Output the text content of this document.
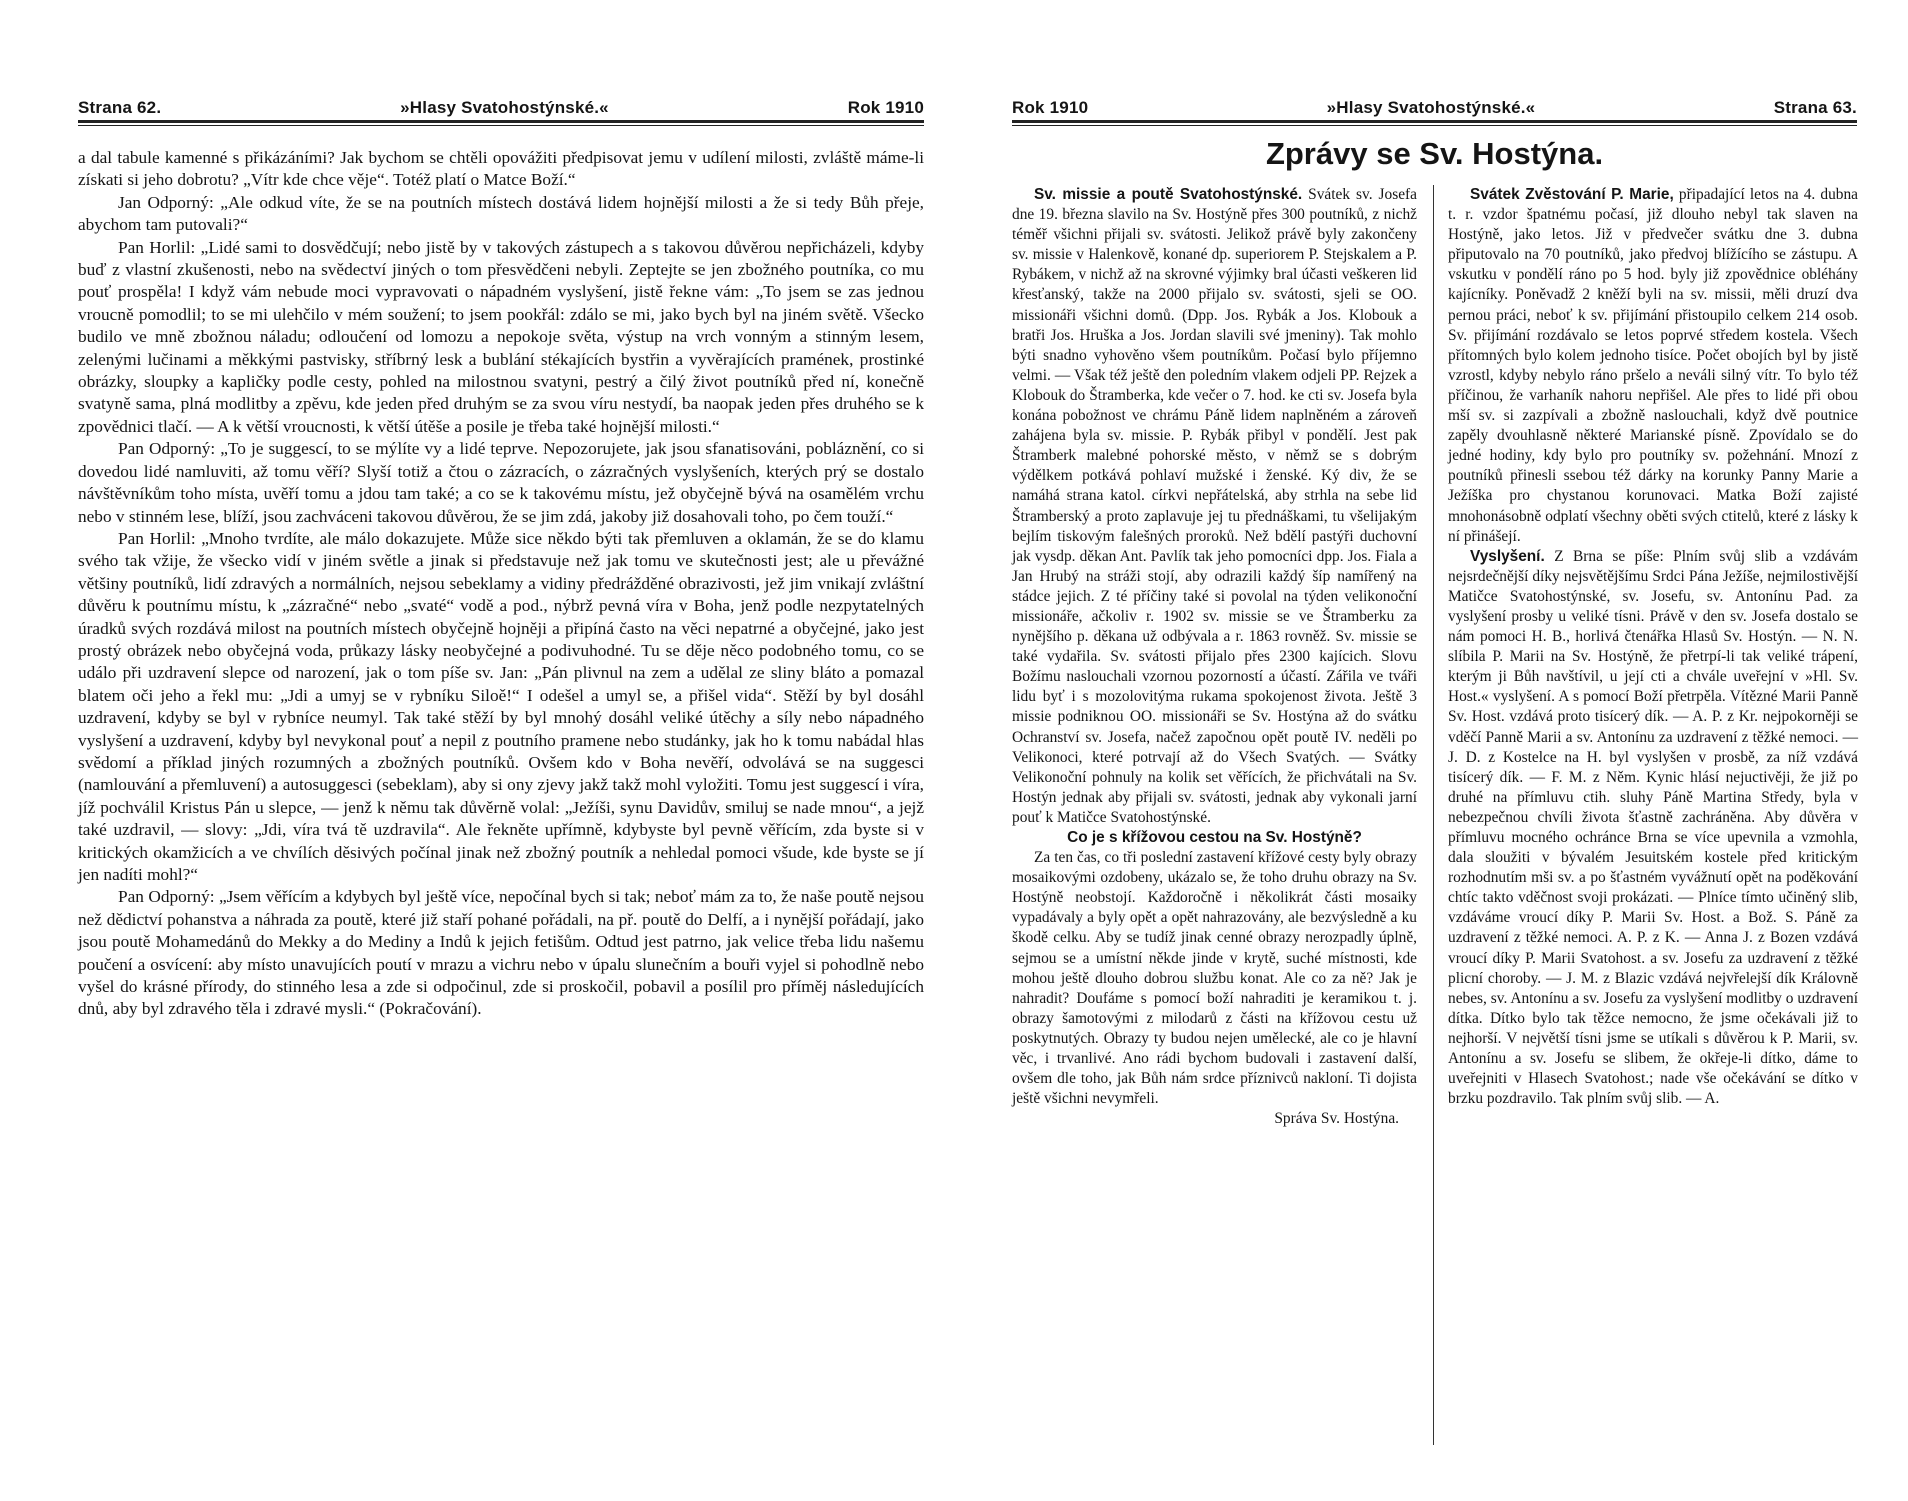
Strana 62.	»Hlasy Svatohostýnské.«	Rok 1910

a dal tabule kamenné s přikázáními? Jak bychom se chtěli opovážiti předpisovat jemu v udílení milosti, zvláště máme-li získati si jeho dobrotu? „Vítr kde chce věje“. Totéž platí o Matce Boží.“

Jan Odporný: „Ale odkud víte, že se na poutních místech dostává lidem hojnější milosti a že si tedy Bůh přeje, abychom tam putovali?“

Pan Horlil: „Lidé sami to dosvědčují; nebo jistě by v takových zástupech a s takovou důvěrou nepřicházeli, kdyby buď z vlastní zkušenosti, nebo na svědectví jiných o tom přesvědčeni nebyli. Zeptejte se jen zbožného poutníka, co mu pouť prospěla! I když vám nebude moci vypravovati o nápadném vyslyšení, jistě řekne vám: „To jsem se zas jednou vroucně pomodlil; to se mi ulehčilo v mém soužení; to jsem pookřál: zdálo se mi, jako bych byl na jiném světě. Všecko budilo ve mně zbožnou náladu; odloučení od lomozu a nepokoje světa, výstup na vrch vonným a stinným lesem, zelenými lučinami a měkkými pastvisky, stříbrný lesk a bublání stékajících bystřin a vyvěrajících pramének, prostinké obrázky, sloupky a kapličky podle cesty, pohled na milostnou svatyni, pestrý a čilý život poutníků před ní, konečně svatyně sama, plná modlitby a zpěvu, kde jeden před druhým se za svou víru nestydí, ba naopak jeden přes druhého se k zpovědnici tlačí. — A k větší vroucnosti, k větší útěše a posile je třeba také hojnější milosti.“

Pan Odporný: „To je suggescí, to se mýlíte vy a lidé teprve. Nepozorujete, jak jsou sfanatisováni, pobláznění, co si dovedou lidé namluviti, až tomu věří? Slyší totiž a čtou o zázracích, o zázračných vyslyšeních, kterých prý se dostalo návštěvníkům toho místa, uvěří tomu a jdou tam také; a co se k takovému místu, jež obyčejně bývá na osamělém vrchu nebo v stinném lese, blíží, jsou zachváceni takovou důvěrou, že se jim zdá, jakoby již dosahovali toho, po čem touží.“

Pan Horlil: „Mnoho tvrdíte, ale málo dokazujete. Může sice někdo býti tak přemluven a oklamán, že se do klamu svého tak vžije, že všecko vidí v jiném světle a jinak si představuje než jak tomu ve skutečnosti jest; ale u převážné většiny poutníků, lidí zdravých a normálních, nejsou sebeklamy a vidiny předrážděné obrazivosti, jež jim vnikají zvláštní důvěru k poutnímu místu, k „zázračné“ nebo „svaté“ vodě a pod., nýbrž pevná víra v Boha, jenž podle nezpytatelných úradků svých rozdává milost na poutních místech obyčejně hojněji a připíná často na věci nepatrné a obyčejné, jako jest prostý obrázek nebo obyčejná voda, průkazy lásky neobyčejné a podivuhodné. Tu se děje něco podobného tomu, co se událo při uzdravení slepce od narození, jak o tom píše sv. Jan: „Pán plivnul na zem a udělal ze sliny bláto a pomazal blatem oči jeho a řekl mu: „Jdi a umyj se v rybníku Siloě!“ I odešel a umyl se, a přišel vida“. Stěží by byl dosáhl uzdravení, kdyby se byl v rybníce neumyl. Tak také stěží by byl mnohý dosáhl veliké útěchy a síly nebo nápadného vyslyšení a uzdravení, kdyby byl nevykonal pouť a nepil z poutního pramene nebo studánky, jak ho k tomu nabádal hlas svědomí a příklad jiných rozumných a zbožných poutníků. Ovšem kdo v Boha nevěří, odvolává se na suggesci (namlouvání a přemluvení) a autosuggesci (sebeklam), aby si ony zjevy jakž takž mohl vyložiti. Tomu jest suggescí i víra, jíž pochválil Kristus Pán u slepce, — jenž k němu tak důvěrně volal: „Ježíši, synu Davidův, smiluj se nade mnou“, a jejž také uzdravil, — slovy: „Jdi, víra tvá tě uzdravila“. Ale řekněte upřímně, kdybyste byl pevně věřícím, zda byste si v kritických okamžicích a ve chvílích děsivých počínal jinak než zbožný poutník a nehledal pomoci všude, kde byste se jí jen nadíti mohl?“

Pan Odporný: „Jsem věřícím a kdybych byl ještě více, nepočínal bych si tak; neboť mám za to, že naše poutě nejsou než dědictví pohanstva a náhrada za poutě, které již staří pohané pořádali, na př. poutě do Delfí, a i nynější pořádají, jako jsou poutě Mohamedánů do Mekky a do Mediny a Indů k jejich fetišům. Odtud jest patrno, jak velice třeba lidu našemu poučení a osvícení: aby místo unavujících poutí v mrazu a vichru nebo v úpalu slunečním a bouři vyjel si pohodlně nebo vyšel do krásné přírody, do stinného lesa a zde si odpočinul, zde si proskočil, pobavil a posílil pro příměj následujících dnů, aby byl zdravého těla i zdravé mysli.“ (Pokračování).

Rok 1910	»Hlasy Svatohostýnské.«	Strana 63.
Zprávy se Sv. Hostýna.

Sv. missie a poutě Svatohostýnské. Svátek sv. Josefa dne 19. března slavilo na Sv. Hostýně přes 300 poutníků, z nichž téměř všichni přijali sv. svátosti. Jelikož právě byly zakončeny sv. missie v Halenkově, konané dp. superiorem P. Stejskalem a P. Rybákem, v nichž až na skrovné výjimky bral účasti veškeren lid křesťanský, takže na 2000 přijalo sv. svátosti, sjeli se OO. missionáři všichni domů. (Dpp. Jos. Rybák a Jos. Klobouk a bratři Jos. Hruška a Jos. Jordan slavili své jmeniny). Tak mohlo býti snadno vyhověno všem poutníkům. Počasí bylo příjemno velmi. — Však též ještě den poledním vlakem odjeli PP. Rejzek a Klobouk do Štramberka, kde večer o 7. hod. ke cti sv. Josefa byla konána pobožnost ve chrámu Páně lidem naplněném a zároveň zahájena byla sv. missie. P. Rybák přibyl v pondělí. Jest pak Štramberk malebné pohorské město, v němž se s dobrým výdělkem potkává pohlaví mužské i ženské. Ký div, že se namáhá strana katol. církvi nepřátelská, aby strhla na sebe lid Štramberský a proto zaplavuje jej tu přednáškami, tu všelijakým bejlím tiskovým falešných proroků. Než bdělí pastýři duchovní jak vysdp. děkan Ant. Pavlík tak jeho pomocníci dpp. Jos. Fiala a Jan Hrubý na stráži stojí, aby odrazili každý šíp namířený na stádce jejich. Z té příčiny také si povolal na týden velikonoční missionáře, ačkoliv r. 1902 sv. missie se ve Štramberku za nynějšího p. děkana už odbývala a r. 1863 rovněž. Sv. missie se také vydařila. Sv. svátosti přijalo přes 2300 kajícich. Slovu Božímu naslouchali vzornou pozorností a účastí. Zářila ve tváři lidu byť i s mozolovitýma rukama spokojenost života. Ještě 3 missie podniknou OO. missionáři se Sv. Hostýna až do svátku Ochranství sv. Josefa, načež započnou opět poutě IV. neděli po Velikonoci, které potrvají až do Všech Svatých. — Svátky Velikonoční pohnuly na kolik set věřících, že přichvátali na Sv. Hostýn jednak aby přijali sv. svátosti, jednak aby vykonali jarní pouť k Matičce Svatohostýnské.

Co je s křížovou cestou na Sv. Hostýně?

Za ten čas, co tři poslední zastavení křížové cesty byly obrazy mosaikovými ozdobeny, ukázalo se, že toho druhu obrazy na Sv. Hostýně neobstojí. Každoročně i několikrát části mosaiky vypadávaly a byly opět a opět nahrazovány, ale bezvýsledně a ku škodě celku. Aby se tudíž jinak cenné obrazy nerozpadly úplně, sejmou se a umístní někde jinde v krytě, suché místnosti, kde mohou ještě dlouho dobrou službu konat. Ale co za ně? Jak je nahradit? Doufáme s pomocí boží nahraditi je keramikou t. j. obrazy šamotovými z milodarů z části na křížovou cestu už poskytnutých. Obrazy ty budou nejen umělecké, ale co je hlavní věc, i trvanlivé. Ano rádi bychom budovali i zastavení další, ovšem dle toho, jak Bůh nám srdce příznivců nakloní. Ti dojista ještě všichni nevymřeli.

Správa Sv. Hostýna.

Svátek Zvěstování P. Marie, připadající letos na 4. dubna t. r. vzdor špatnému počasí, již dlouho nebyl tak slaven na Hostýně, jako letos. Již v předvečer svátku dne 3. dubna připutovalo na 70 poutníků, jako předvoj blížícího se zástupu. A vskutku v pondělí ráno po 5 hod. byly již zpovědnice obléhány kajícníky. Poněvadž 2 kněží byli na sv. missii, měli druzí dva pernou práci, neboť k sv. přijímání přistoupilo celkem 214 osob. Sv. přijímání rozdávalo se letos poprvé středem kostela. Všech přítomných bylo kolem jednoho tisíce. Počet obojích byl by jistě vzrostl, kdyby nebylo ráno pršelo a neváli silný vítr. To bylo též příčinou, že varhaník nahoru nepřišel. Ale přes to lidé při obou mší sv. si zazpívali a zbožně naslouchali, když dvě poutnice zapěly dvouhlasně některé Marianské písně. Zpovídalo se do jedné hodiny, kdy bylo pro poutníky sv. požehnání. Mnozí z poutníků přinesli ssebou též dárky na korunky Panny Marie a Ježíška pro chystanou korunovaci. Matka Boží zajisté mnohonásobně odplatí všechny oběti svých ctitelů, které z lásky k ní přinášejí.

Vyslyšení. Z Brna se píše: Plním svůj slib a vzdávám nejsrdečnější díky nejsvětějšímu Srdci Pána Ježíše, nejmilostivější Matičce Svatohostýnské, sv. Josefu, sv. Antonínu Pad. za vyslyšení prosby u veliké tísni. Právě v den sv. Josefa dostalo se nám pomoci H. B., horlivá čtenářka Hlasů Sv. Hostýn. — N. N. slíbila P. Marii na Sv. Hostýně, že přetrpí-li tak veliké trápení, kterým ji Bůh navštívil, u její cti a chvále uveřejní v »Hl. Sv. Host.« vyslyšení. A s pomocí Boží přetrpěla. Vítězné Marii Panně Sv. Host. vzdává proto tisícerý dík. — A. P. z Kr. nejpokorněji se vděčí Panně Marii a sv. Antonínu za uzdravení z těžké nemoci. — J. D. z Kostelce na H. byl vyslyšen v prosbě, za níž vzdává tisícerý dík. — F. M. z Něm. Kynic hlásí nejuctivěji, že již po druhé na přímluvu ctih. sluhy Páně Martina Středy, byla v nebezpečnou chvíli života šťastně zachráněna. Aby důvěra v přímluvu mocného ochránce Brna se více upevnila a vzmohla, dala sloužiti v bývalém Jesuitském kostele před kritickým rozhodnutím mši sv. a po šťastném vyvážnutí opět na poděkování chtíc takto vděčnost svoji prokázati. — Plníce tímto učiněný slib, vzdáváme vroucí díky P. Marii Sv. Host. a Bož. S. Páně za uzdravení z těžké nemoci. A. P. z K. — Anna J. z Bozen vzdává vroucí díky P. Marii Svatohost. a sv. Josefu za uzdravení z těžké plicní choroby. — J. M. z Blazic vzdává nejvřelejší dík Královně nebes, sv. Antonínu a sv. Josefu za vyslyšení modlitby o uzdravení dítka. Dítko bylo tak těžce nemocno, že jsme očekávali již to nejhorší. V největší tísni jsme se utíkali s důvěrou k P. Marii, sv. Antonínu a sv. Josefu se slibem, že okřeje-li dítko, dáme to uveřejniti v Hlasech Svatohost.; nade vše očekávání se dítko v brzku pozdravilo. Tak plním svůj slib. — A.
